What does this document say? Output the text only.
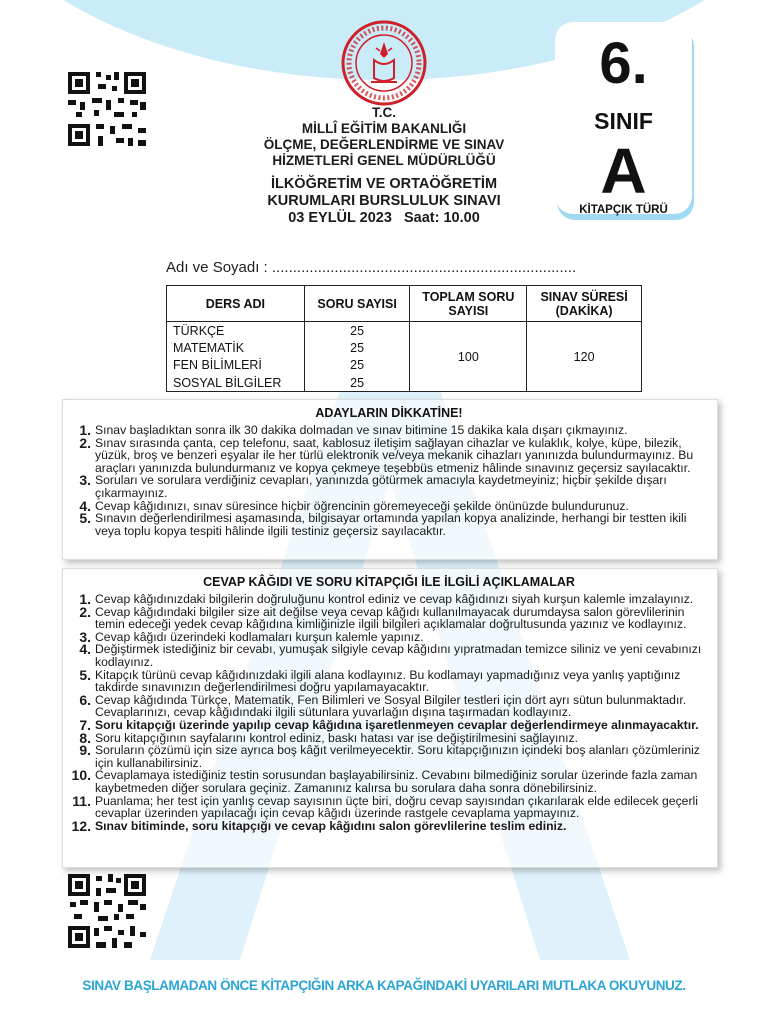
T.C.
MİLLÎ EĞİTİM BAKANLIĞI
ÖLÇME, DEĞERLENDİRME VE SINAV
HİZMETLERİ GENEL MÜDÜRLÜĞÜ
İLKÖĞRETİM VE ORTAÖĞRETİM
KURUMLARI BURSLULUK SINAVI
03 EYLÜL 2023   Saat: 10.00
6.
SINIF
A
KİTAPÇIK TÜRÜ
Adı ve Soyadı : .........................................................................
DERS ADI	SORU SAYISI	TOPLAM SORU SAYISI	SINAV SÜRESİ (DAKİKA)
TÜRKÇE	25	100	120
MATEMATİK	25		
FEN BİLİMLERİ	25		
SOSYAL BİLGİLER	25		
ADAYLARIN DİKKATİNE!
1. Sınav başladıktan sonra ilk 30 dakika dolmadan ve sınav bitimine 15 dakika kala dışarı çıkmayınız.
2. Sınav sırasında çanta, cep telefonu, saat, kablosuz iletişim sağlayan cihazlar ve kulaklık, kolye, küpe, bilezik, yüzük, broş ve benzeri eşyalar ile her türlü elektronik ve/veya mekanik cihazları yanınızda bulundurmayınız. Bu araçları yanınızda bulundurmanız ve kopya çekmeye teşebbüs etmeniz hâlinde sınavınız geçersiz sayılacaktır.
3. Soruları ve sorulara verdiğiniz cevapları, yanınızda götürmek amacıyla kaydetmeyiniz; hiçbir şekilde dışarı çıkarmayınız.
4. Cevap kâğıdınızı, sınav süresince hiçbir öğrencinin göremeyeceği şekilde önünüzde bulundurunuz.
5. Sınavın değerlendirilmesi aşamasında, bilgisayar ortamında yapılan kopya analizinde, herhangi bir testten ikili veya toplu kopya tespiti hâlinde ilgili testiniz geçersiz sayılacaktır.
CEVAP KÂĞIDI VE SORU KİTAPÇIĞI İLE İLGİLİ AÇIKLAMALAR
1. Cevap kâğıdınızdaki bilgilerin doğruluğunu kontrol ediniz ve cevap kâğıdınızı siyah kurşun kalemle imzalayınız.
2. Cevap kâğıdındaki bilgiler size ait değilse veya cevap kâğıdı kullanılmayacak durumdaysa salon görevlilerinin temin edeceği yedek cevap kâğıdına kimliğinizle ilgili bilgileri açıklamalar doğrultusunda yazınız ve kodlayınız.
3. Cevap kâğıdı üzerindeki kodlamaları kurşun kalemle yapınız.
4. Değiştirmek istediğiniz bir cevabı, yumuşak silgiyle cevap kâğıdını yıpratmadan temizce siliniz ve yeni cevabınızı kodlayınız.
5. Kitapçık türünü cevap kâğıdınızdaki ilgili alana kodlayınız. Bu kodlamayı yapmadığınız veya yanlış yaptığınız takdirde sınavınızın değerlendirilmesi doğru yapılamayacaktır.
6. Cevap kâğıdında Türkçe, Matematik, Fen Bilimleri ve Sosyal Bilgiler testleri için dört ayrı sütun bulunmaktadır. Cevaplarınızı, cevap kâğıdındaki ilgili sütunlara yuvarlağın dışına taşırmadan kodlayınız.
7. Soru kitapçığı üzerinde yapılıp cevap kâğıdına işaretlenmeyen cevaplar değerlendirmeye alınmayacaktır.
8. Soru kitapçığının sayfalarını kontrol ediniz, baskı hatası var ise değiştirilmesini sağlayınız.
9. Soruların çözümü için size ayrıca boş kâğıt verilmeyecektir. Soru kitapçığınızın içindeki boş alanları çözümleriniz için kullanabilirsiniz.
10. Cevaplamaya istediğiniz testin sorusundan başlayabilirsiniz. Cevabını bilmediğiniz sorular üzerinde fazla zaman kaybetmeden diğer sorulara geçiniz. Zamanınız kalırsa bu sorulara daha sonra dönebilirsiniz.
11. Puanlama; her test için yanlış cevap sayısının üçte biri, doğru cevap sayısından çıkarılarak elde edilecek geçerli cevaplar üzerinden yapılacağı için cevap kâğıdı üzerinde rastgele cevaplama yapmayınız.
12. Sınav bitiminde, soru kitapçığı ve cevap kâğıdını salon görevlilerine teslim ediniz.
SINAV BAŞLAMADAN ÖNCE KİTAPÇIĞIN ARKA KAPAĞINDAKİ UYARILARI MUTLAKA OKUYUNUZ.
